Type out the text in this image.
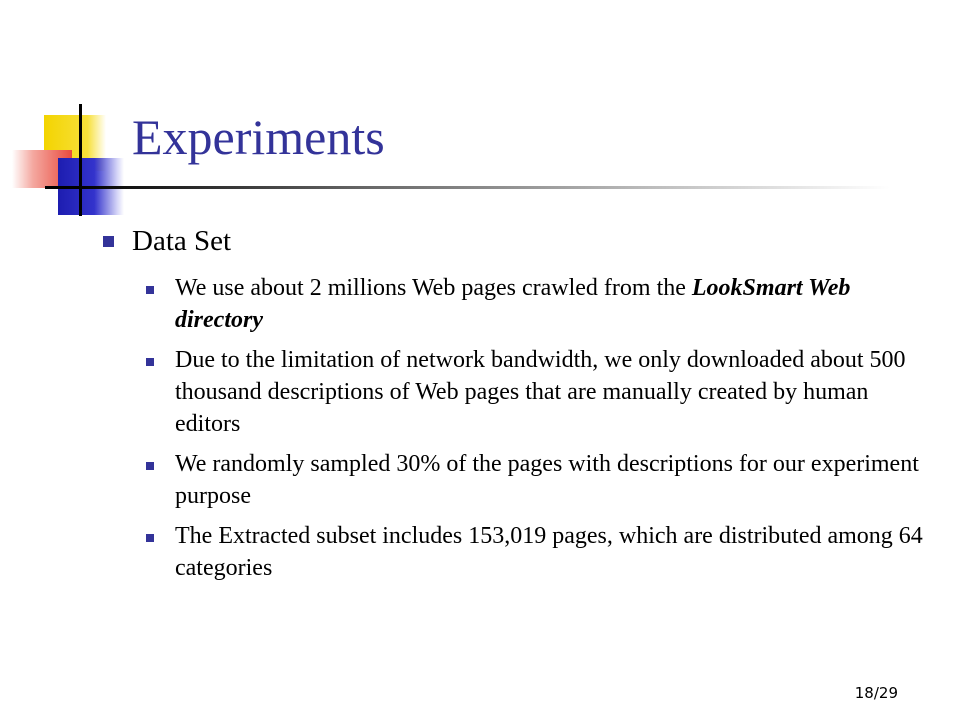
Experiments
Data Set
We use about 2 millions Web pages crawled from the LookSmart Web directory
Due to the limitation of network bandwidth, we only downloaded about 500 thousand descriptions of Web pages that are manually created by human editors
We randomly sampled 30% of the pages with descriptions for our experiment purpose
The Extracted subset includes 153,019 pages, which are distributed among 64 categories
18/29
